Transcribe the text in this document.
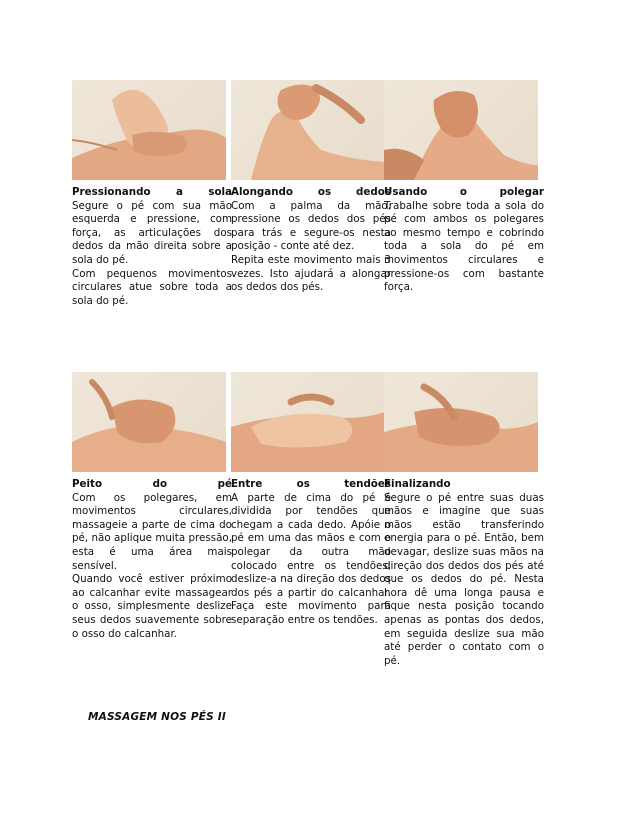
Pressionando a sola

Segure o pé com sua mão esquerda e pressione, com força, as articulações dos dedos da mão direita sobre a sola do pé.

Com pequenos movimentos circulares atue sobre toda a sola do pé.

Alongando os dedos

Com a palma da mão, pressione os dedos dos pés para trás e segure-os nesta posição - conte até dez.

Repita este movimento mais 3 vezes. Isto ajudará a alongar os dedos dos pés.

Usando o polegar

Trabalhe sobre toda a sola do pé com ambos os polegares ao mesmo tempo e cobrindo toda a sola do pé em movimentos circulares e pressione-os com bastante força.

Peito do pé

Com os polegares, em movimentos circulares, massageie a parte de cima do pé, não aplique muita pressão, esta é uma área mais sensível.

Quando você estiver próximo ao calcanhar evite massagear o osso, simplesmente deslize seus dedos suavemente sobre o osso do calcanhar.

Entre os tendões

A parte de cima do pé é dividida por tendões que chegam a cada dedo. Apóie o pé em uma das mãos e com o polegar da outra mão colocado entre os tendões, deslize-a na direção dos dedos dos pés a partir do calcanhar. Faça este movimento para separação entre os tendões.

Finalizando

Segure o pé entre suas duas mãos e imagine que suas mãos estão transferindo energia para o pé. Então, bem devagar, deslize suas mãos na direção dos dedos dos pés até que os dedos do pé. Nesta hora dê uma longa pausa e fique nesta posição tocando apenas as pontas dos dedos, em seguida deslize sua mão até perder o contato com o pé.

MASSAGEM NOS PÉS II
